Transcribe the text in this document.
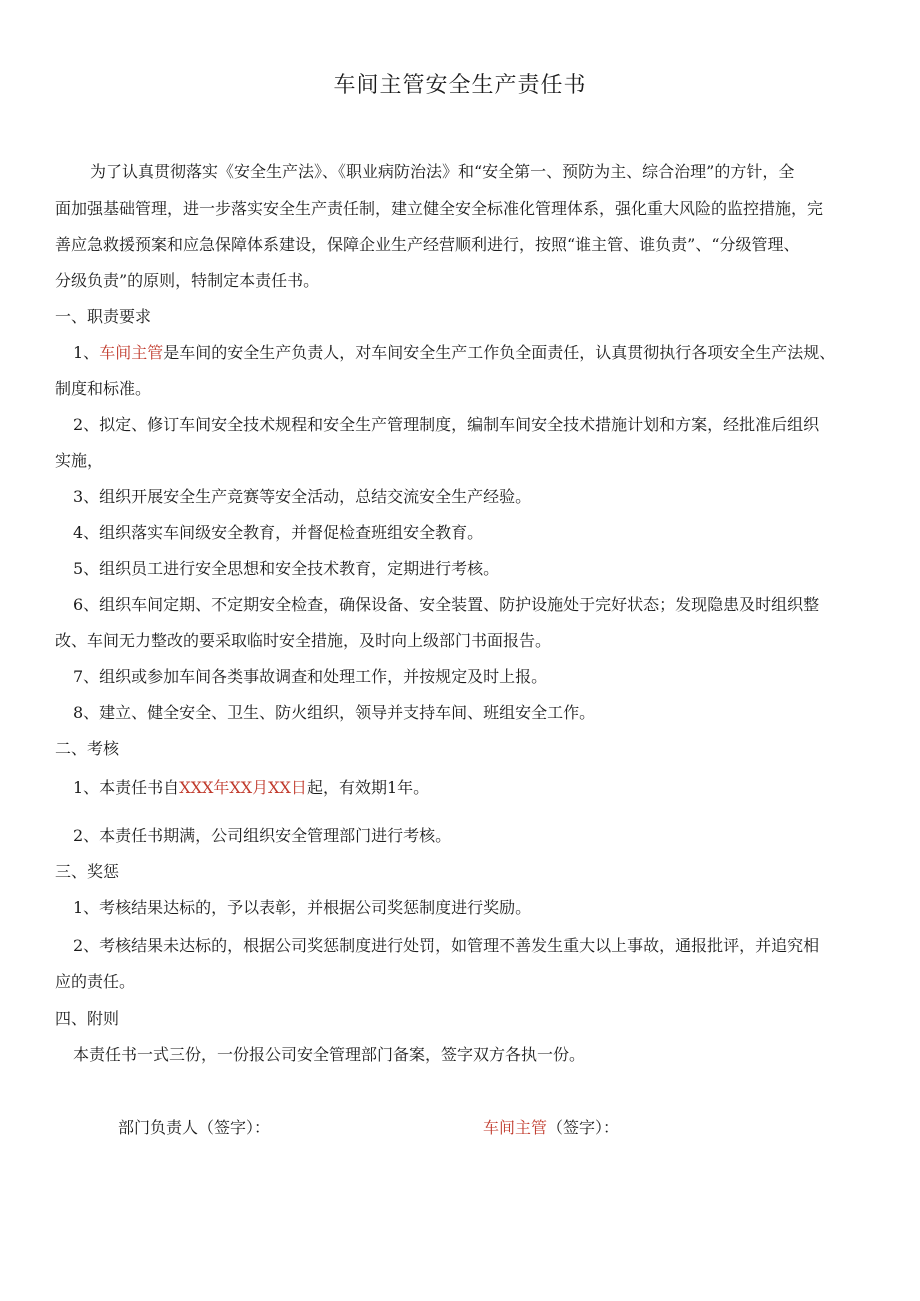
车间主管安全生产责任书
为了认真贯彻落实《安全生产法》、《职业病防治法》和“安全第一、预防为主、综合治理”的方针，全
面加强基础管理，进一步落实安全生产责任制，建立健全安全标准化管理体系，强化重大风险的监控措施，完
善应急救援预案和应急保障体系建设，保障企业生产经营顺利进行，按照“谁主管、谁负责”、“分级管理、
分级负责”的原则，特制定本责任书。
一、职责要求
1、车间主管是车间的安全生产负责人，对车间安全生产工作负全面责任，认真贯彻执行各项安全生产法规、
制度和标准。
2、拟定、修订车间安全技术规程和安全生产管理制度，编制车间安全技术措施计划和方案，经批准后组织
实施，
3、组织开展安全生产竞赛等安全活动，总结交流安全生产经验。
4、组织落实车间级安全教育，并督促检查班组安全教育。
5、组织员工进行安全思想和安全技术教育，定期进行考核。
6、组织车间定期、不定期安全检查，确保设备、安全装置、防护设施处于完好状态；发现隐患及时组织整
改、车间无力整改的要采取临时安全措施，及时向上级部门书面报告。
7、组织或参加车间各类事故调查和处理工作，并按规定及时上报。
8、建立、健全安全、卫生、防火组织，领导并支持车间、班组安全工作。
二、考核
1、本责任书自XXX年XX月XX日起，有效期1年。
2、本责任书期满，公司组织安全管理部门进行考核。
三、奖惩
1、考核结果达标的，予以表彰，并根据公司奖惩制度进行奖励。
2、考核结果未达标的，根据公司奖惩制度进行处罚，如管理不善发生重大以上事故，通报批评，并追究相
应的责任。
四、附则
本责任书一式三份，一份报公司安全管理部门备案，签字双方各执一份。
部门负责人（签字）：	车间主管（签字）：
